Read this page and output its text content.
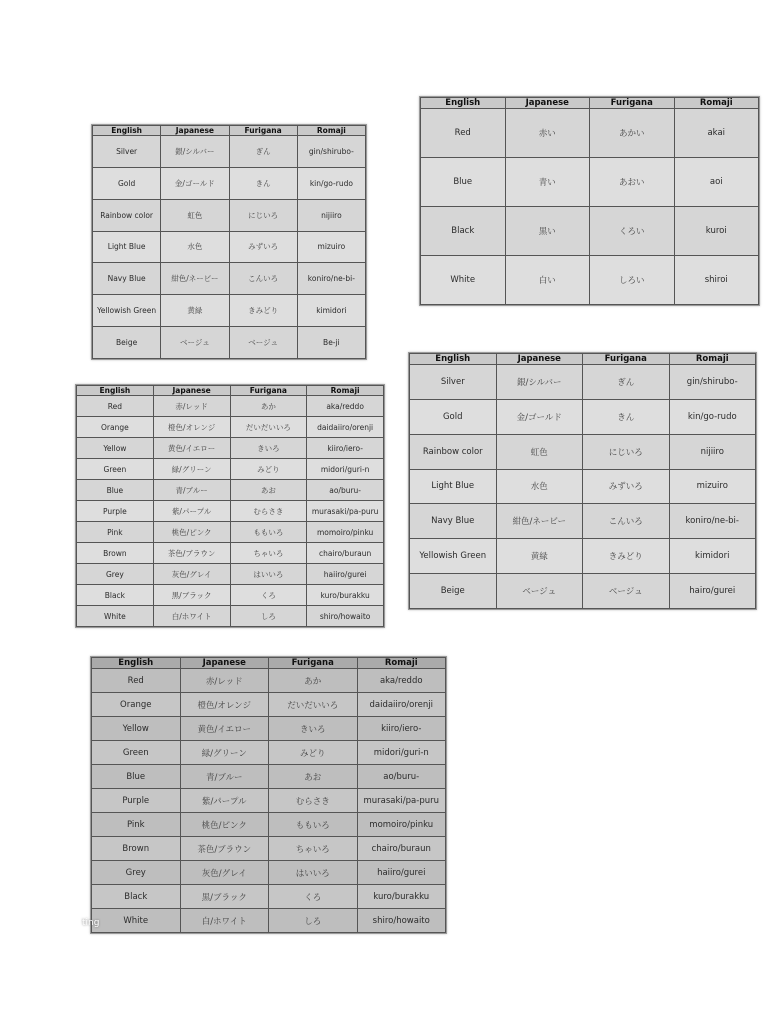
English	Japanese	Furigana	Romaji
Silver	銀/シルバー	ぎん	gin/shirubo-
Gold	金/ゴールド	きん	kin/go-rudo
Rainbow color	虹色	にじいろ	nijiiro
Light Blue	水色	みずいろ	mizuiro
Navy Blue	紺色/ネービー	こんいろ	koniro/ne-bi-
Yellowish Green	黄緑	きみどり	kimidori
Beige	ベージュ	ベージュ	Be-ji
English	Japanese	Furigana	Romaji
Red	赤い	あかい	akai
Blue	青い	あおい	aoi
Black	黒い	くろい	kuroi
White	白い	しろい	shiroi
English	Japanese	Furigana	Romaji
Red	赤/レッド	あか	aka/reddo
Orange	橙色/オレンジ	だいだいいろ	daidaiiro/orenji
Yellow	黄色/イエロー	きいろ	kiiro/iero-
Green	緑/グリーン	みどり	midori/guri-n
Blue	青/ブルー	あお	ao/buru-
Purple	紫/パープル	むらさき	murasaki/pa-puru
Pink	桃色/ピンク	ももいろ	momoiro/pinku
Brown	茶色/ブラウン	ちゃいろ	chairo/buraun
Grey	灰色/グレイ	はいいろ	haiiro/gurei
Black	黒/ブラック	くろ	kuro/burakku
White	白/ホワイト	しろ	shiro/howaito
English	Japanese	Furigana	Romaji
Silver	銀/シルバー	ぎん	gin/shirubo-
Gold	金/ゴールド	きん	kin/go-rudo
Rainbow color	虹色	にじいろ	nijiiro
Light Blue	水色	みずいろ	mizuiro
Navy Blue	紺色/ネービー	こんいろ	koniro/ne-bi-
Yellowish Green	黄緑	きみどり	kimidori
Beige	ベージュ	ベージュ	hairo/gurei
English	Japanese	Furigana	Romaji
Red	赤/レッド	あか	aka/reddo
Orange	橙色/オレンジ	だいだいいろ	daidaiiro/orenji
Yellow	黄色/イエロー	きいろ	kiiro/iero-
Green	緑/グリーン	みどり	midori/guri-n
Blue	青/ブルー	あお	ao/buru-
Purple	紫/パープル	むらさき	murasaki/pa-puru
Pink	桃色/ピンク	ももいろ	momoiro/pinku
Brown	茶色/ブラウン	ちゃいろ	chairo/buraun
Grey	灰色/グレイ	はいいろ	haiiro/gurei
Black	黒/ブラック	くろ	kuro/burakku
White	白/ホワイト	しろ	shiro/howaito
ting
